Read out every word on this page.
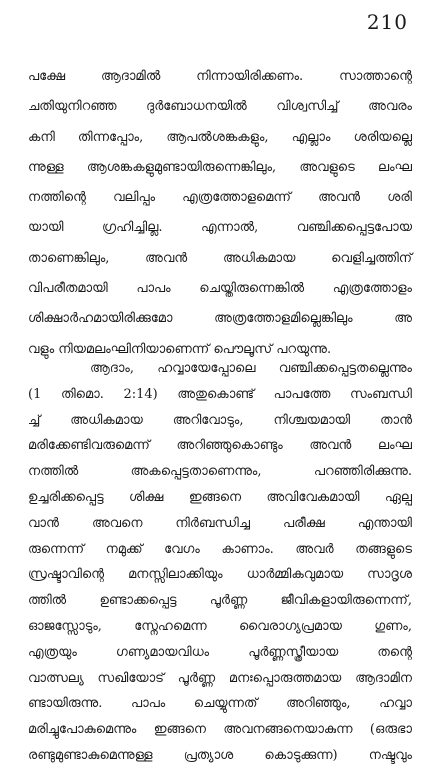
210
പക്ഷേ ആദാമിൽ നിന്നായിരിക്കണം. സാത്താന്റെ
ചതിയുനിറഞ്ഞ ദുർബോധനയിൽ വിശ്വസിച്ച് അവരം
കനി തിന്നപ്പോം, ആപൽശങ്കകളും, എല്ലാം ശരിയല്ലെ
ന്നുള്ള ആശങ്കകളുമുണ്ടായിരുന്നെങ്കിലും, അവളുടെ ലംഘ
നത്തിന്റെ വലിപ്പം എത്രത്തോളമെന്ന് അവൻ ശരി
യായി ഗ്രഹിച്ചില്ല. എന്നാൽ, വഞ്ചിക്കപ്പെട്ടപോയ
താണെങ്കിലും, അവൻ അധികമായ വെളിച്ചത്തിന്
വിപരീതമായി പാപം ചെയ്തിരുന്നെങ്കിൽ എത്രത്തോളം
ശിക്ഷാർഹമായിരിക്കുമോ അത്രത്തോളമില്ലെങ്കിലും അ
വളും നിയമലംഘിനിയാണെന്ന് പൌലൂസ് പറയുന്നു.
ആദാം, ഹവ്വായേപ്പോലെ വഞ്ചിക്കപ്പെട്ടതല്ലെന്നും
(1 തിമൊ. 2:14) അതുകൊണ്ട് പാപത്തേ സംബന്ധി
ച്ച് അധികമായ അറിവോടും, നിശ്ചയമായി താൻ
മരിക്കേണ്ടിവരുമെന്ന് അറിഞ്ഞുകൊണ്ടും അവൻ ലംഘ
നത്തിൽ അകപ്പെട്ടതാണെന്നും, പറഞ്ഞിരിക്കുന്നു.
ഉച്ചരിക്കപ്പെട്ട ശിക്ഷ ഇങ്ങനെ അവിവേകമായി ഏല്പ
വാൻ അവനെ നിർബന്ധിച്ച പരീക്ഷ എന്തായി
രുന്നെന്ന് നമുക്ക് വേഗം കാണാം. അവർ തങ്ങളുടെ
സ്രഷ്ടാവിന്റെ മനസ്സിലാക്കിയും ധാർമ്മികവുമായ സാദൃശ
ത്തിൽ ഉണ്ടാക്കപ്പെട്ട പൂർണ്ണ ജീവികളായിരുന്നെന്ന്,
ഓജസ്സോടും, സ്നേഹമെന്ന വൈരാഗ്യപ്രമായ ഗുണം,
എത്രയും ഗണ്യമായവിധം പൂർണ്ണസ്ത്രീയായ തന്റെ
വാത്സല്യ സഖിയോട് പൂർണ്ണ മനഃപ്പൊരുത്തമായ ആദാമിന
ണ്ടായിരുന്നു. പാപം ചെയ്യുന്നത് അറിഞ്ഞും, ഹവ്വാ
മരിച്ചുപോകുമെന്നും ഇങ്ങനെ അവനങ്ങനെയാകുന്ന (ഒരുഭാ
രണ്ടുമുണ്ടാകുമെന്നുള്ള പ്രത്യാശ കൊടുക്കുന്ന) നഷ്ടവും
